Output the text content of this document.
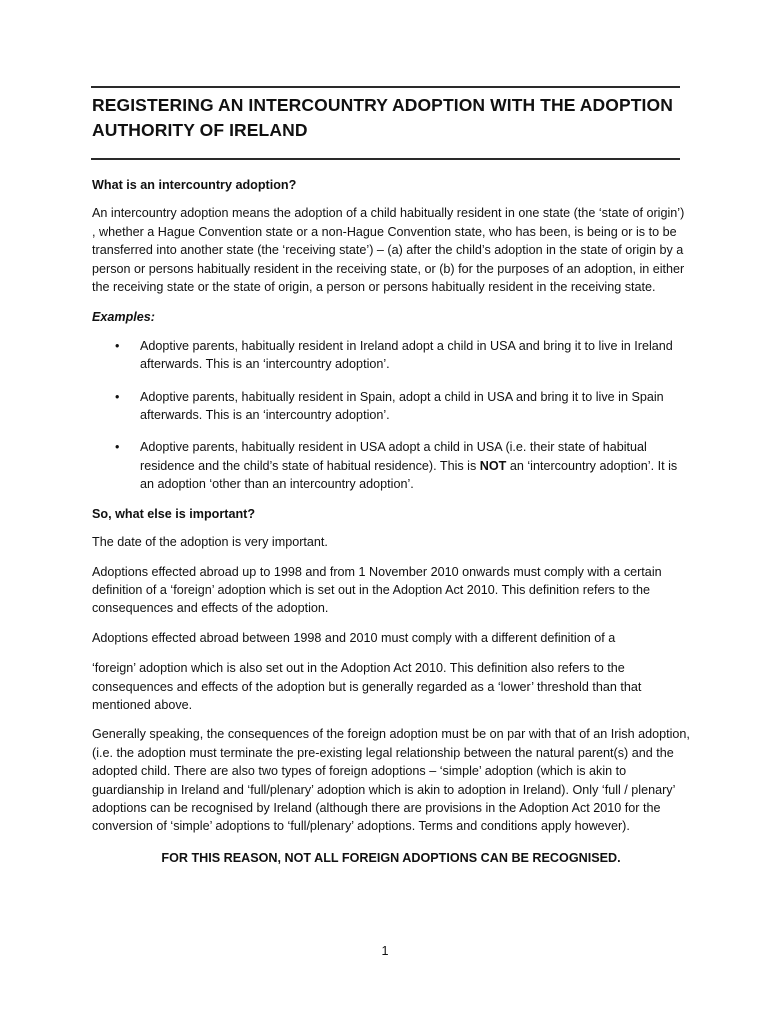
REGISTERING AN INTERCOUNTRY ADOPTION WITH THE ADOPTION AUTHORITY OF IRELAND

What is an intercountry adoption?

An intercountry adoption means the adoption of a child habitually resident in one state (the ‘state of origin’) , whether a Hague Convention state or a non-Hague Convention state, who has been, is being or is to be transferred into another state (the ‘receiving state’) – (a) after the child’s adoption in the state of origin by a person or persons habitually resident in the receiving state, or (b) for the purposes of an adoption, in either the receiving state or the state of origin, a person or persons habitually resident in the receiving state.

Examples:

• Adoptive parents, habitually resident in Ireland adopt a child in USA and bring it to live in Ireland afterwards. This is an ‘intercountry adoption’.
• Adoptive parents, habitually resident in Spain, adopt a child in USA and bring it to live in Spain afterwards. This is an ‘intercountry adoption’.
• Adoptive parents, habitually resident in USA adopt a child in USA (i.e. their state of habitual residence and the child’s state of habitual residence). This is NOT an ‘intercountry adoption’. It is an adoption ‘other than an intercountry adoption’.

So, what else is important?

The date of the adoption is very important.

Adoptions effected abroad up to 1998 and from 1 November 2010 onwards must comply with a certain definition of a ‘foreign’ adoption which is set out in the Adoption Act 2010. This definition refers to the consequences and effects of the adoption.

Adoptions effected abroad between 1998 and 2010 must comply with a different definition of a

‘foreign’ adoption which is also set out in the Adoption Act 2010. This definition also refers to the consequences and effects of the adoption but is generally regarded as a ‘lower’ threshold than that mentioned above.

Generally speaking, the consequences of the foreign adoption must be on par with that of an Irish adoption, (i.e. the adoption must terminate the pre-existing legal relationship between the natural parent(s) and the adopted child. There are also two types of foreign adoptions – ‘simple’ adoption (which is akin to guardianship in Ireland and ‘full/plenary’ adoption which is akin to adoption in Ireland). Only ‘full / plenary’ adoptions can be recognised by Ireland (although there are provisions in the Adoption Act 2010 for the conversion of ‘simple’ adoptions to ‘full/plenary’ adoptions. Terms and conditions apply however).

FOR THIS REASON, NOT ALL FOREIGN ADOPTIONS CAN BE RECOGNISED.

1
